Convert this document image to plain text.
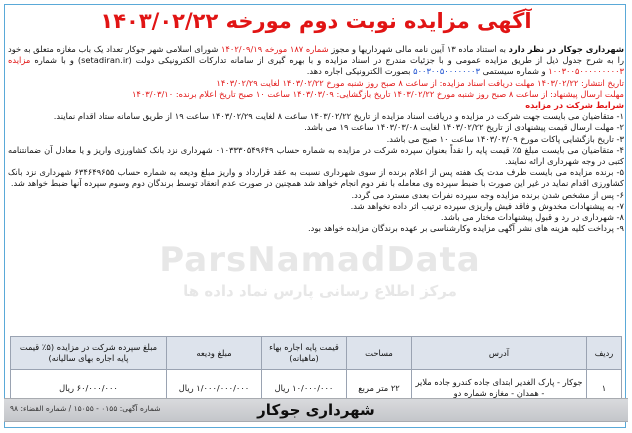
آگهی مزایده نوبت دوم مورخه ۱۴۰۳/۰۲/۲۲

شهرداری جوکار در نظر دارد به استناد ماده ۱۳ آیین نامه مالی شهرداریها و مجوز شماره ۱۸۷ مورخه ۱۴۰۲/۰۹/۱۹ شورای اسلامی شهر جوکار تعداد یک باب مغازه متعلق به خود را به شرح جدول ذیل از طریق مزایده عمومی و با جزئیات مندرج در اسناد مزایده و با بهره گیری از سامانه تدارکات الکترونیکی دولت (setadiran.ir) و با شماره مزایده ۱۰۰۳۰۰۵۰۰۰۰۰۰۰۰۰۳ و شماره سیستمی ۵۰۰۳۰۰۵۰۰۰۰۰۰۰۳ بصورت الکترونیکی اجاره دهد.

تاریخ انتشار: ۱۴۰۳/۰۲/۲۲ مهلت دریافت اسناد مزایده: از ساعت ۸ صبح روز شنبه مورخ ۱۴۰۳/۰۲/۲۲ لغایت ۱۴۰۳/۰۲/۲۹

مهلت ارسال پیشنهاد: از ساعت ۸ صبح روز شنبه مورخ ۱۴۰۳/۰۲/۲۲ تاریخ بازگشایی: ۱۴۰۳/۰۳/۰۹ ساعت ۱۰ صبح تاریخ اعلام برنده: ۱۴۰۳/۰۳/۱۰

شرایط شرکت در مزایده

۱- متقاضیان می بایست جهت شرکت در مزایده و دریافت اسناد مزایده از تاریخ ۱۴۰۳/۰۲/۲۲ ساعت ۸ لغایت ۱۴۰۳/۰۲/۲۹ ساعت ۱۹ از طریق سامانه ستاد اقدام نمایند.

۲- مهلت ارسال قیمت پیشنهادی از تاریخ ۱۴۰۳/۰۲/۲۲ لغایت ۱۴۰۳/۰۳/۰۸ ساعت ۱۹ می باشد.

۳- تاریخ بازگشایی پاکات مورخ ۱۴۰۳/۰۳/۰۹ ساعت ۱۰ صبح می باشد.

۴- متقاضیان می بایست مبلغ ۵٪ قیمت پایه را نقداً بعنوان سپرده شرکت در مزایده به شماره حساب ۰۱۰۳۳۳۰۵۴۹۶۴۹ شهرداری نزد بانک کشاورزی واریز و یا معادل آن ضمانتنامه کتبی در وجه شهرداری ارائه نمایند.

۵- برنده مزایده می بایست ظرف مدت یک هفته پس از اعلام برنده از سوی شهرداری نسبت به عقد قرارداد و واریز مبلغ ودیعه به شماره حساب ۶۳۴۶۴۹۶۵۵ شهرداری نزد بانک کشاورزی اقدام نماید در غیر این صورت با ضبط سپرده وی معامله با نفر دوم انجام خواهد شد همچنین در صورت عدم انعقاد توسط برندگان دوم وسوم سپرده آنها ضبط خواهد شد.

۶- پس از مشخص شدن برنده مزایده وجه سپرده نفرات بعدی مسترد می گردد.

۷- به پیشنهادات مخدوش و فاقد فیش واریزی سپرده ترتیب اثر داده نخواهد شد.

۸- شهرداری در رد و قبول پیشنهادات مختار می باشد.

۹- پرداخت کلیه هزینه های نشر آگهی مزایده وکارشناسی بر عهده برندگان مزایده خواهد بود.

ParsNamadData
مرکز اطلاع رسانی پارس نماد داده ها
ردیف	آدرس	مساحت	قیمت پایه اجاره بهاء (ماهیانه)	مبلغ ودیعه	مبلغ سپرده شرکت در مزایده (۵٪ قیمت پایه اجاره بهای سالیانه)
۱	جوکار - پارک الغدیر ابتدای جاده کندرو جاده ملایر - همدان - مغازه شماره دو	۲۲ متر مربع	۱۰/۰۰۰/۰۰۰ ریال	۱/۰۰۰/۰۰۰/۰۰۰ ریال	۶۰/۰۰۰/۰۰۰ ریال
شهرداری جوکار
شماره آگهی: ۰۱۵۵ - ۱۵۰۵۵ / شماره القضاء: ۹۸
